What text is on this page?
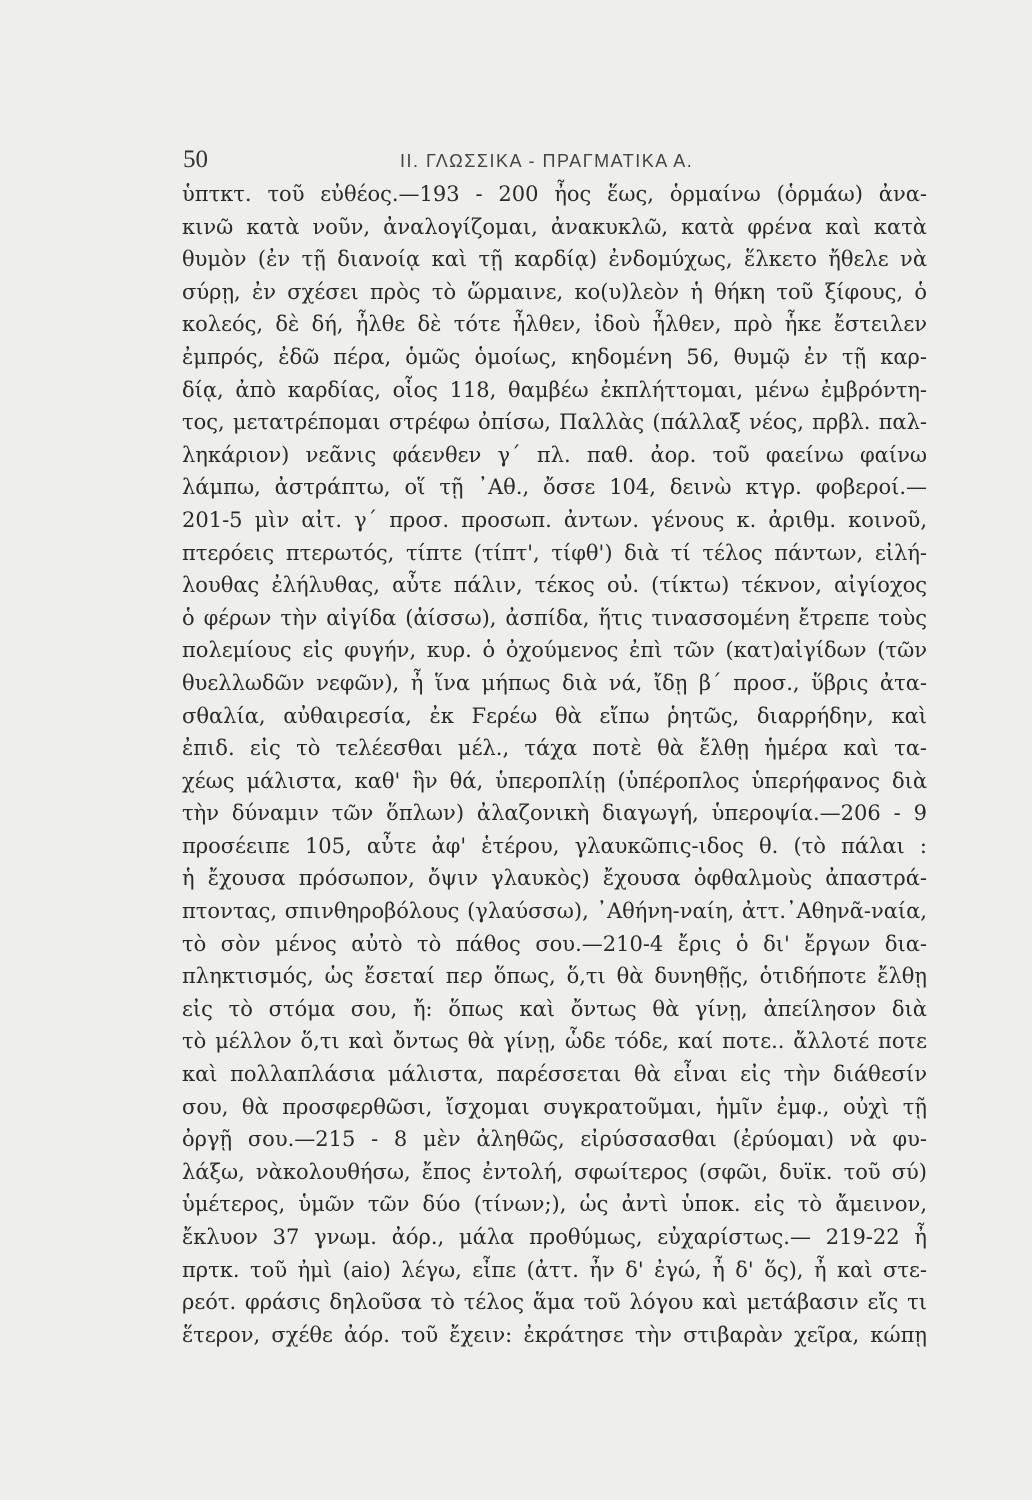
50	II. ΓΛΩΣΣΙΚΑ - ΠΡΑΓΜΑΤΙΚΑ Α.
ὑπτκτ. τοῦ εὐθέος.—193 - 200 ἦος ἕως, ὁρμαίνω (ὁρμάω) ἀνα-
κινῶ κατὰ νοῦν, ἀναλογίζομαι, ἀνακυκλῶ, κατὰ φρένα καὶ κατὰ
θυμὸν (ἐν τῇ διανοίᾳ καὶ τῇ καρδίᾳ) ἐνδομύχως, ἕλκετο ἤθελε νὰ
σύρῃ, ἐν σχέσει πρὸς τὸ ὥρμαινε, κο(υ)λεὸν ἡ θήκη τοῦ ξίφους, ὁ
κολεός, δὲ δή, ἦλθε δὲ τότε ἦλθεν, ἰδοὺ ἦλθεν, πρὸ ἧκε ἔστειλεν
ἐμπρός, ἐδῶ πέρα, ὁμῶς ὁμοίως, κηδομένη 56, θυμῷ ἐν τῇ καρ-
δίᾳ, ἀπὸ καρδίας, οἷος 118, θαμβέω ἐκπλήττομαι, μένω ἐμβρόντη-
τος, μετατρέπομαι στρέφω ὀπίσω, Παλλὰς (πάλλαξ νέος, πρβλ. παλ-
ληκάριον) νεᾶνις φάενθεν γ΄ πλ. παθ. ἀορ. τοῦ φαείνω φαίνω
λάμπω, ἀστράπτω, οἵ τῇ ᾿Αθ., ὄσσε 104, δεινὼ κτγρ. φοβεροί.—
201-5 μὶν αἰτ. γ΄ προσ. προσωπ. ἀντων. γένους κ. ἀριθμ. κοινοῦ,
πτερόεις πτερωτός, τίπτε (τίπτ', τίφθ') διὰ τί τέλος πάντων, εἰλή-
λουθας ἐλήλυθας, αὖτε πάλιν, τέκος οὐ. (τίκτω) τέκνον, αἰγίοχος
ὁ φέρων τὴν αἰγίδα (ἀίσσω), ἀσπίδα, ἥτις τινασσομένη ἔτρεπε τοὺς
πολεμίους εἰς φυγήν, κυρ. ὁ ὀχούμενος ἐπὶ τῶν (κατ)αἰγίδων (τῶν
θυελλωδῶν νεφῶν), ἦ ἵνα μήπως διὰ νά, ἴδῃ β΄ προσ., ὕβρις ἀτα-
σθαλία, αὐθαιρεσία, ἐκ Ϝερέω θὰ εἴπω ῥητῶς, διαρρήδην, καὶ
ἐπιδ. εἰς τὸ τελέεσθαι μέλ., τάχα ποτὲ θὰ ἔλθῃ ἡμέρα καὶ τα-
χέως μάλιστα, καθ' ἣν θά, ὑπεροπλίῃ (ὑπέροπλος ὑπερήφανος διὰ
τὴν δύναμιν τῶν ὅπλων) ἀλαζονικὴ διαγωγή, ὑπεροψία.—206 - 9
προσέειπε 105, αὖτε ἀφ' ἑτέρου, γλαυκῶπις-ιδος θ. (τὸ πάλαι :
ἡ ἔχουσα πρόσωπον, ὄψιν γλαυκὸς) ἔχουσα ὀφθαλμοὺς ἀπαστρά-
πτοντας, σπινθηροβόλους (γλαύσσω), ᾿Αθήνη-ναίη, ἀττ.᾿Αθηνᾶ-ναία,
τὸ σὸν μένος αὐτὸ τὸ πάθος σου.—210-4 ἔρις ὁ δι' ἔργων δια-
πληκτισμός, ὡς ἔσεταί περ ὅπως, ὅ,τι θὰ δυνηθῇς, ὁτιδήποτε ἔλθῃ
εἰς τὸ στόμα σου, ἤ: ὅπως καὶ ὄντως θὰ γίνῃ, ἀπείλησον διὰ
τὸ μέλλον ὅ,τι καὶ ὄντως θὰ γίνῃ, ὧδε τόδε, καί ποτε.. ἄλλοτέ ποτε
καὶ πολλαπλάσια μάλιστα, παρέσσεται θὰ εἶναι εἰς τὴν διάθεσίν
σου, θὰ προσφερθῶσι, ἴσχομαι συγκρατοῦμαι, ἡμῖν ἐμφ., οὐχὶ τῇ
ὀργῇ σου.—215 - 8 μὲν ἀληθῶς, εἰρύσσασθαι (ἐρύομαι) νὰ φυ-
λάξω, νὰκολουθήσω, ἔπος ἐντολή, σφωίτερος (σφῶι, δυϊκ. τοῦ σύ)
ὑμέτερος, ὑμῶν τῶν δύο (τίνων;), ὡς ἀντὶ ὑποκ. εἰς τὸ ἄμεινον,
ἔκλυον 37 γνωμ. ἀόρ., μάλα προθύμως, εὐχαρίστως.— 219-22 ἦ
πρτκ. τοῦ ἠμὶ (aio) λέγω, εἶπε (ἀττ. ἦν δ' ἐγώ, ἦ δ' ὅς), ἦ καὶ στε-
ρεότ. φράσις δηλοῦσα τὸ τέλος ἅμα τοῦ λόγου καὶ μετάβασιν εἴς τι
ἕτερον, σχέθε ἀόρ. τοῦ ἔχειν: ἐκράτησε τὴν στιβαρὰν χεῖρα, κώπῃ
